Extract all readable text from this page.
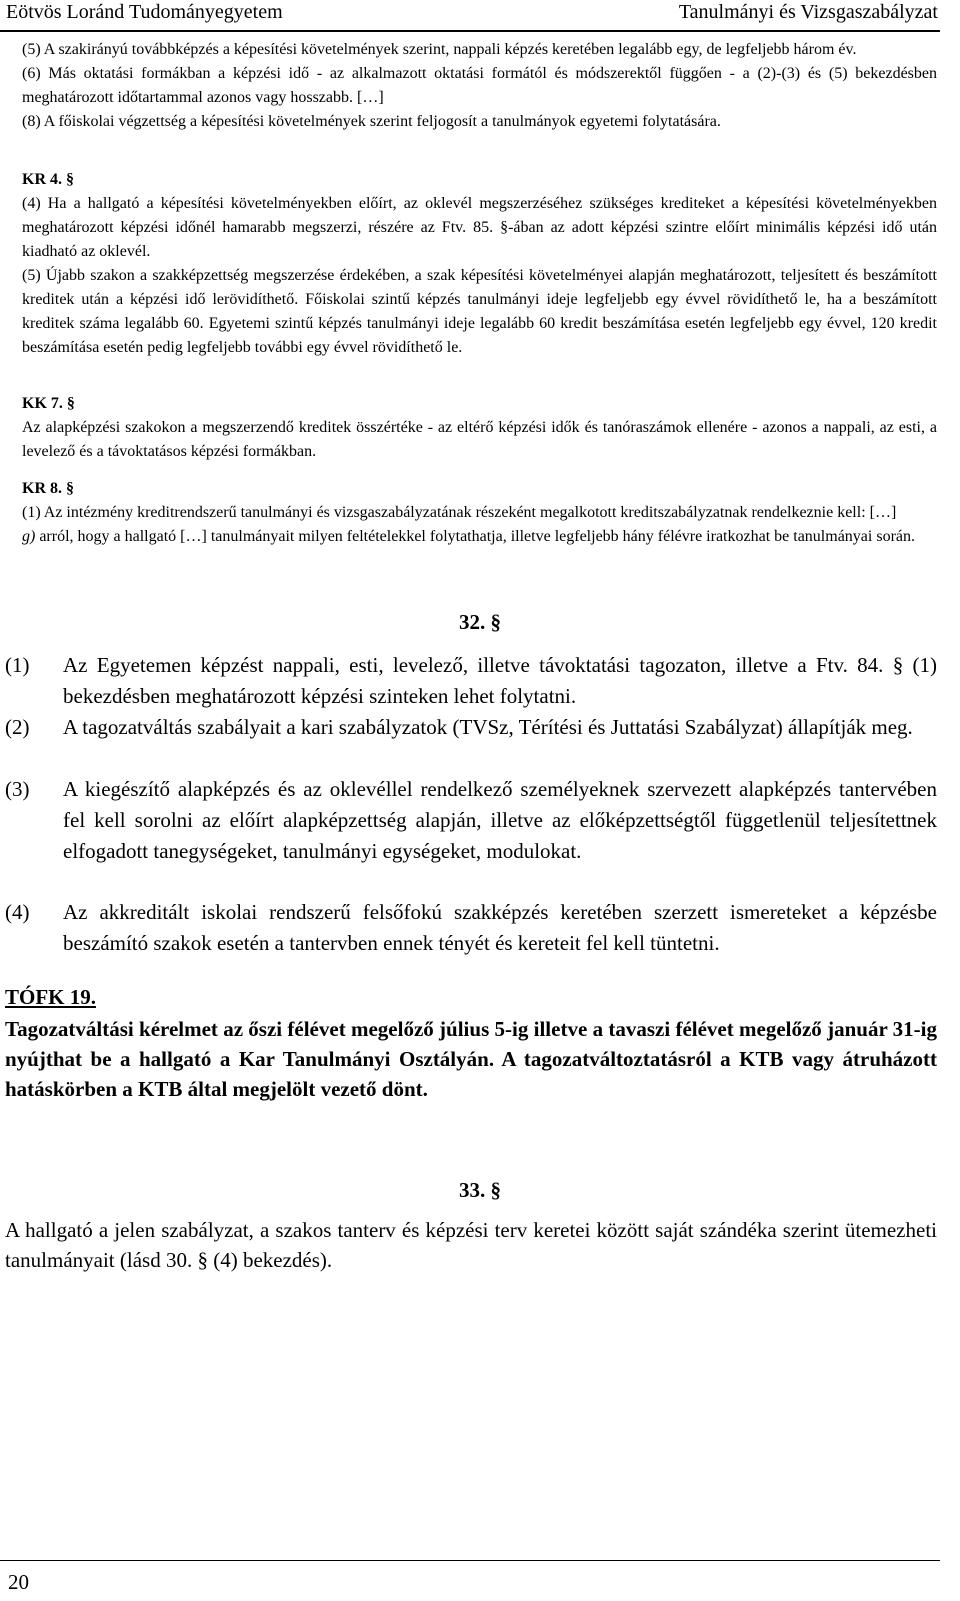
Eötvös Loránd Tudományegyetem	Tanulmányi és Vizsgaszabályzat

(5) A szakirányú továbbképzés a képesítési követelmények szerint, nappali képzés keretében legalább egy, de legfeljebb három év.

(6) Más oktatási formákban a képzési idő - az alkalmazott oktatási formától és módszerektől függően - a (2)-(3) és (5) bekezdésben meghatározott időtartammal azonos vagy hosszabb. […]

(8) A főiskolai végzettség a képesítési követelmények szerint feljogosít a tanulmányok egyetemi folytatására.

KR 4. §

(4) Ha a hallgató a képesítési követelményekben előírt, az oklevél megszerzéséhez szükséges krediteket a képesítési követelményekben meghatározott képzési időnél hamarabb megszerzi, részére az Ftv. 85. §-ában az adott képzési szintre előírt minimális képzési idő után kiadható az oklevél.

(5) Újabb szakon a szakképzettség megszerzése érdekében, a szak képesítési követelményei alapján meghatározott, teljesített és beszámított kreditek után a képzési idő lerövidíthető. Főiskolai szintű képzés tanulmányi ideje legfeljebb egy évvel rövidíthető le, ha a beszámított kreditek száma legalább 60. Egyetemi szintű képzés tanulmányi ideje legalább 60 kredit beszámítása esetén legfeljebb egy évvel, 120 kredit beszámítása esetén pedig legfeljebb további egy évvel rövidíthető le.

KK 7. §

Az alapképzési szakokon a megszerzendő kreditek összértéke - az eltérő képzési idők és tanóraszámok ellenére - azonos a nappali, az esti, a levelező és a távoktatásos képzési formákban.

KR 8. §

(1) Az intézmény kreditrendszerű tanulmányi és vizsgaszabályzatának részeként megalkotott kreditszabályzatnak rendelkeznie kell: […]

g) arról, hogy a hallgató […] tanulmányait milyen feltételekkel folytathatja, illetve legfeljebb hány félévre iratkozhat be tanulmányai során.

32. §
(1) Az Egyetemen képzést nappali, esti, levelező, illetve távoktatási tagozaton, illetve a Ftv. 84. § (1) bekezdésben meghatározott képzési szinteken lehet folytatni.
(2) A tagozatváltás szabályait a kari szabályzatok (TVSz, Térítési és Juttatási Szabályzat) állapítják meg.
(3) A kiegészítő alapképzés és az oklevéllel rendelkező személyeknek szervezett alapképzés tantervében fel kell sorolni az előírt alapképzettség alapján, illetve az előképzettségtől függetlenül teljesítettnek elfogadott tanegységeket, tanulmányi egységeket, modulokat.
(4) Az akkreditált iskolai rendszerű felsőfokú szakképzés keretében szerzett ismereteket a képzésbe beszámító szakok esetén a tantervben ennek tényét és kereteit fel kell tüntetni.
TÓFK 19.
Tagozatváltási kérelmet az őszi félévet megelőző július 5-ig illetve a tavaszi félévet megelőző január 31-ig nyújthat be a hallgató a Kar Tanulmányi Osztályán. A tagozatváltoztatásról a KTB vagy átruházott hatáskörben a KTB által megjelölt vezető dönt.
33. §
A hallgató a jelen szabályzat, a szakos tanterv és képzési terv keretei között saját szándéka szerint ütemezheti tanulmányait (lásd 30. § (4) bekezdés).
20
